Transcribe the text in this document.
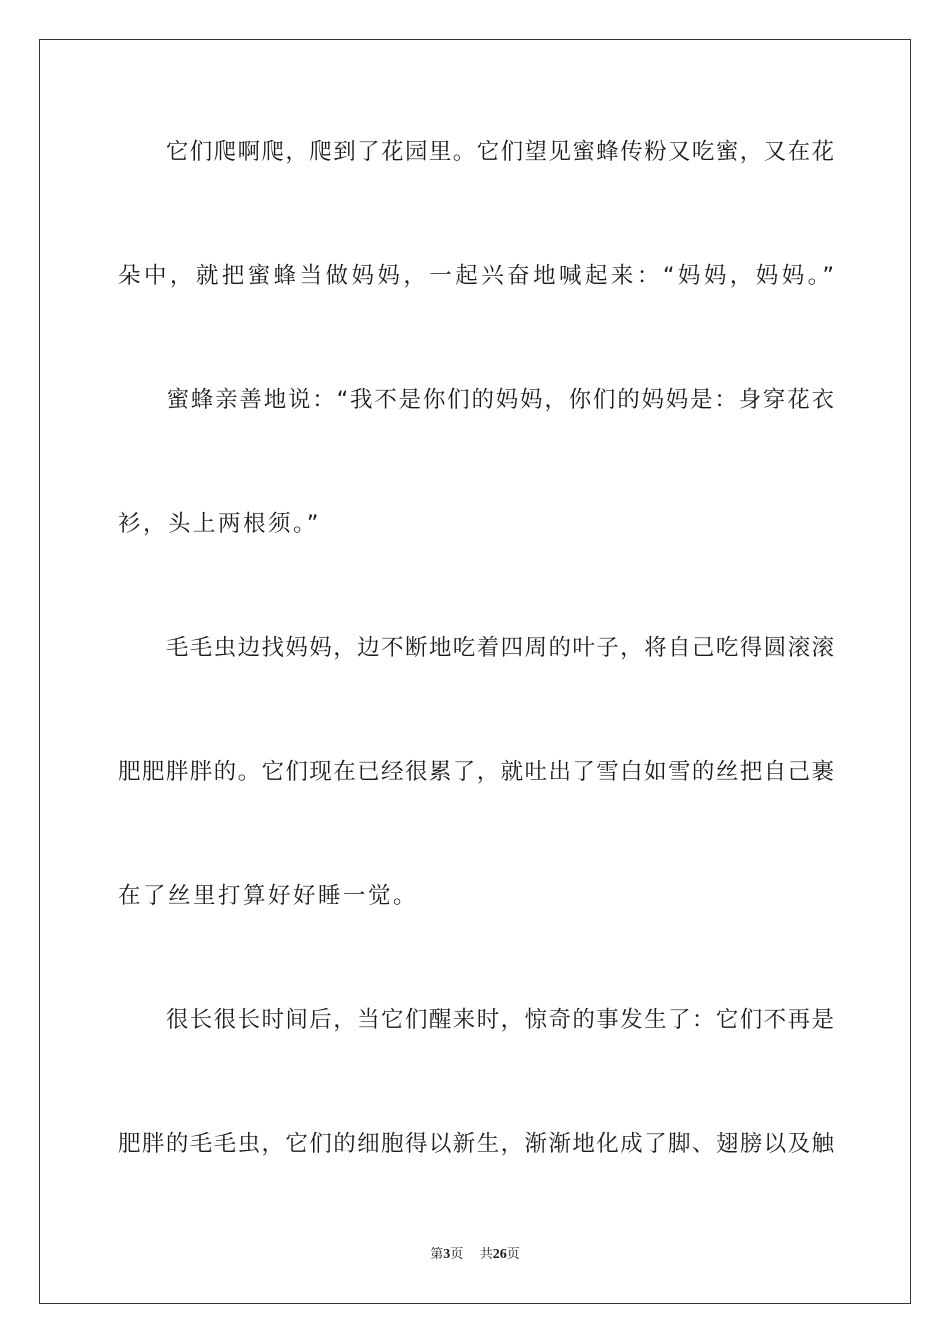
　　它们爬啊爬，爬到了花园里。它们望见蜜蜂传粉又吃蜜，又在花
朵中，就把蜜蜂当做妈妈，一起兴奋地喊起来：“妈妈，妈妈。”
　　蜜蜂亲善地说：“我不是你们的妈妈，你们的妈妈是：身穿花衣
衫，头上两根须。”
　　毛毛虫边找妈妈，边不断地吃着四周的叶子，将自己吃得圆滚滚
肥肥胖胖的。它们现在已经很累了，就吐出了雪白如雪的丝把自己裹
在了丝里打算好好睡一觉。
　　很长很长时间后，当它们醒来时，惊奇的事发生了：它们不再是
肥胖的毛毛虫，它们的细胞得以新生，渐渐地化成了脚、翅膀以及触
第3页 共26页
